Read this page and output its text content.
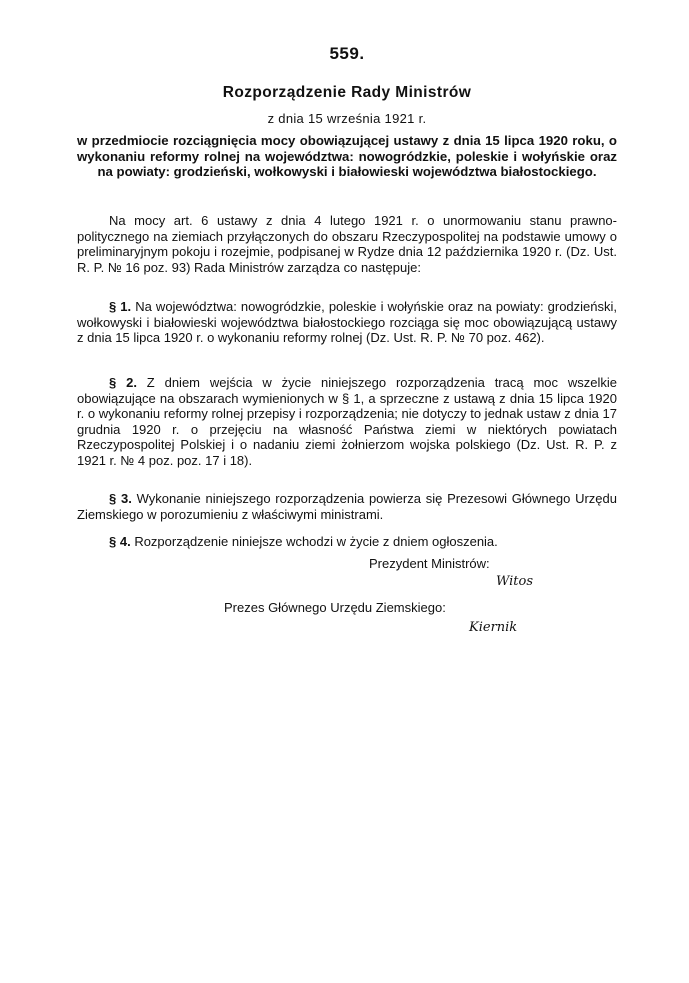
559.
Rozporządzenie Rady Ministrów
z dnia 15 września 1921 r.
w przedmiocie rozciągnięcia mocy obowiązującej ustawy z dnia 15 lipca 1920 roku, o wykonaniu reformy rolnej na województwa: nowogródzkie, poleskie i wołyńskie oraz na powiaty: grodzieński, wołkowyski i białowieski województwa białostockiego.

Na mocy art. 6 ustawy z dnia 4 lutego 1921 r. o unormowaniu stanu prawno-politycznego na ziemiach przyłączonych do obszaru Rzeczypospolitej na podstawie umowy o preliminaryjnym pokoju i rozejmie, podpisanej w Rydze dnia 12 października 1920 r. (Dz. Ust. R. P. № 16 poz. 93) Rada Ministrów zarządza co następuje:

§ 1. Na województwa: nowogródzkie, poleskie i wołyńskie oraz na powiaty: grodzieński, wołkowyski i białowieski województwa białostockiego rozciąga się moc obowiązującą ustawy z dnia 15 lipca 1920 r. o wykonaniu reformy rolnej (Dz. Ust. R. P. № 70 poz. 462).

§ 2. Z dniem wejścia w życie niniejszego rozporządzenia tracą moc wszelkie obowiązujące na obszarach wymienionych w § 1, a sprzeczne z ustawą z dnia 15 lipca 1920 r. o wykonaniu reformy rolnej przepisy i rozporządzenia; nie dotyczy to jednak ustaw z dnia 17 grudnia 1920 r. o przejęciu na własność Państwa ziemi w niektórych powiatach Rzeczypospolitej Polskiej i o nadaniu ziemi żołnierzom wojska polskiego (Dz. Ust. R. P. z 1921 r. № 4 poz. poz. 17 i 18).

§ 3. Wykonanie niniejszego rozporządzenia powierza się Prezesowi Głównego Urzędu Ziemskiego w porozumieniu z właściwymi ministrami.

§ 4. Rozporządzenie niniejsze wchodzi w życie z dniem ogłoszenia.

Prezydent Ministrów:
Witos
Prezes Głównego Urzędu Ziemskiego:
Kiernik
